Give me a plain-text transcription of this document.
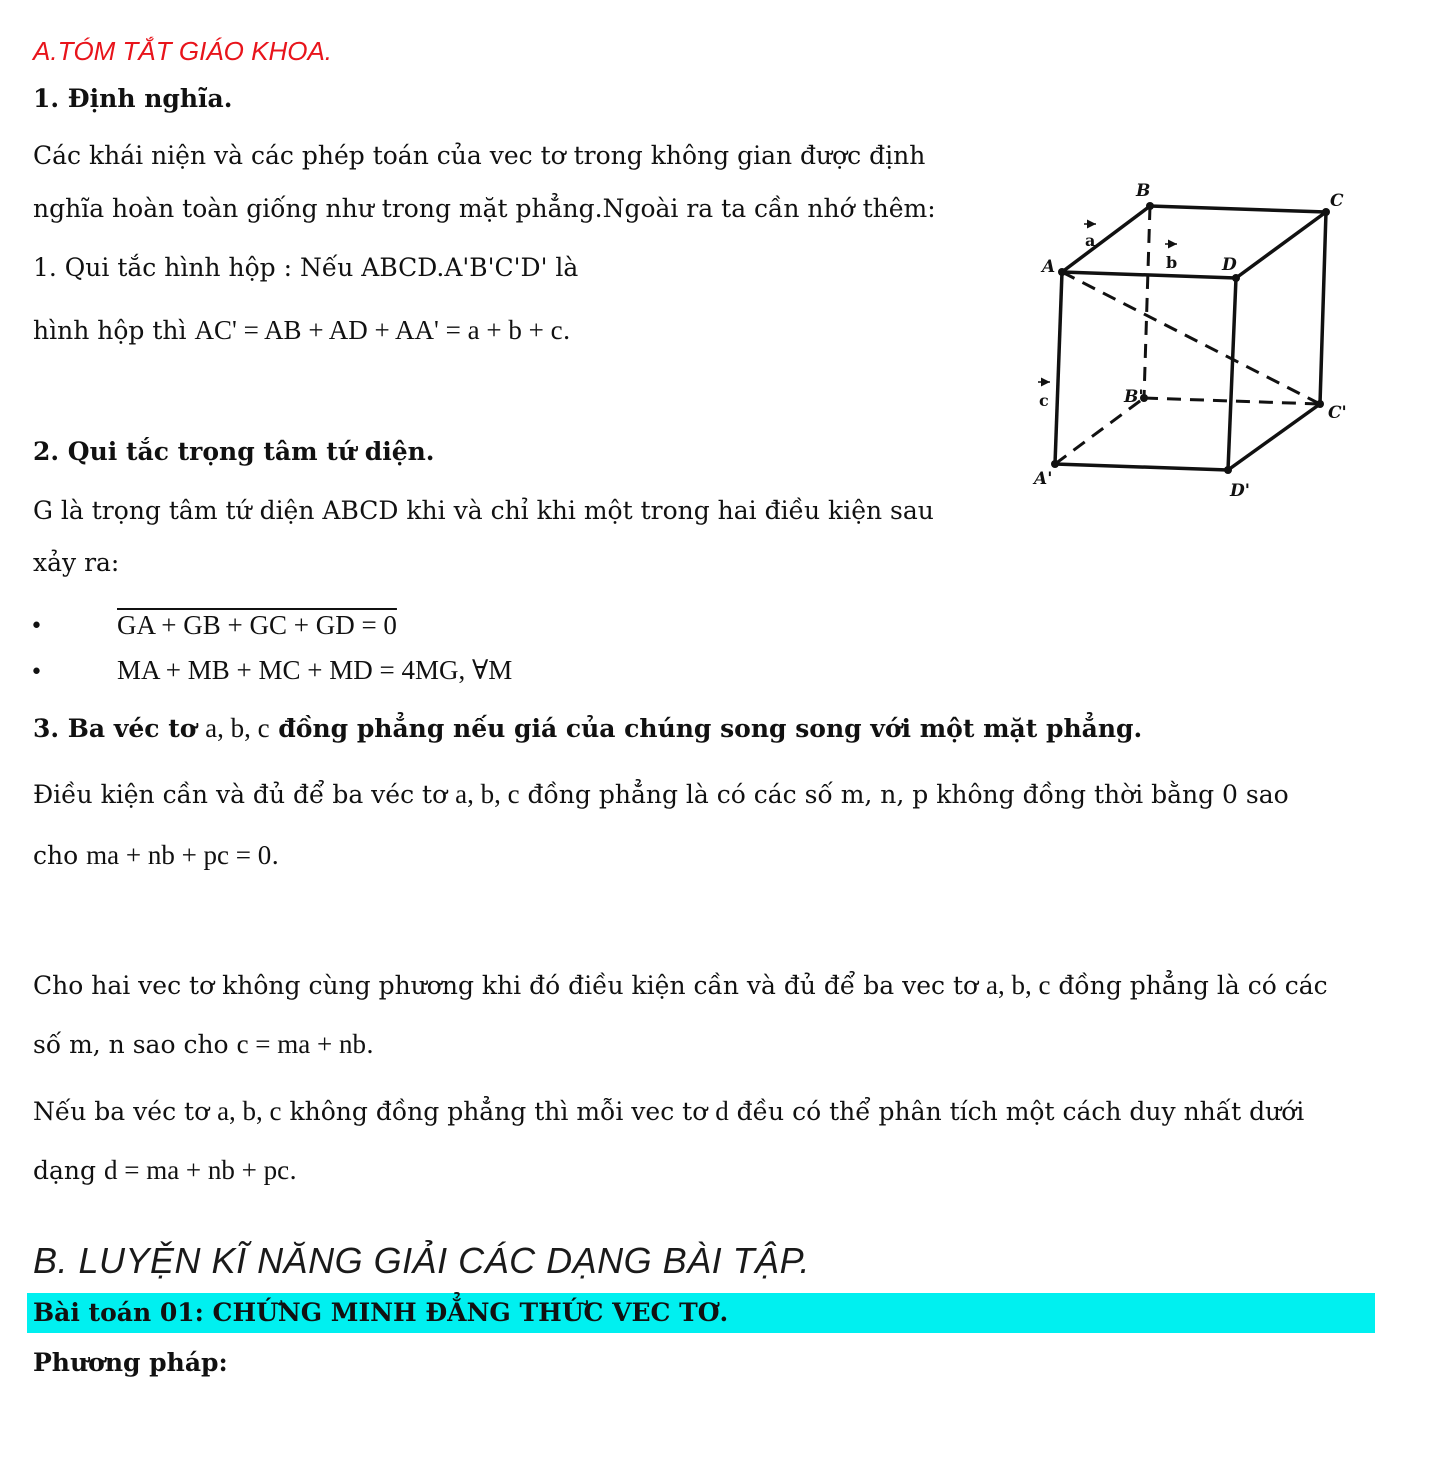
A.TÓM TẮT GIÁO KHOA.
1. Định nghĩa.
Các khái niện và các phép toán của vec tơ trong không gian được định
nghĩa hoàn toàn giống như trong mặt phẳng.Ngoài ra ta cần nhớ thêm:
1. Qui tắc hình hộp : Nếu ABCD.A'B'C'D' là
hình hộp thì AC' = AB + AD + AA' = a + b + c.
2. Qui tắc trọng tâm tứ diện.
G là trọng tâm tứ diện ABCD khi và chỉ khi một trong hai điều kiện sau
xảy ra:
•	GA + GB + GC + GD = 0
•	MA + MB + MC + MD = 4MG, ∀M
3. Ba véc tơ a, b, c đồng phẳng nếu giá của chúng song song với một mặt phẳng.
Điều kiện cần và đủ để ba véc tơ a, b, c đồng phẳng là có các số m, n, p không đồng thời bằng 0 sao
cho ma + nb + pc = 0.
Cho hai vec tơ không cùng phương khi đó điều kiện cần và đủ để ba vec tơ a, b, c đồng phẳng là có các
số m, n sao cho c = ma + nb.
Nếu ba véc tơ a, b, c không đồng phẳng thì mỗi vec tơ d đều có thể phân tích một cách duy nhất dưới
dạng d = ma + nb + pc.
B. LUYỆN KĨ NĂNG GIẢI CÁC DẠNG BÀI TẬP.
Bài toán 01: CHỨNG MINH ĐẲNG THỨC VEC TƠ.
Phương pháp:
B	C
A	D
B'
C'
A'
D'
a
b
c
